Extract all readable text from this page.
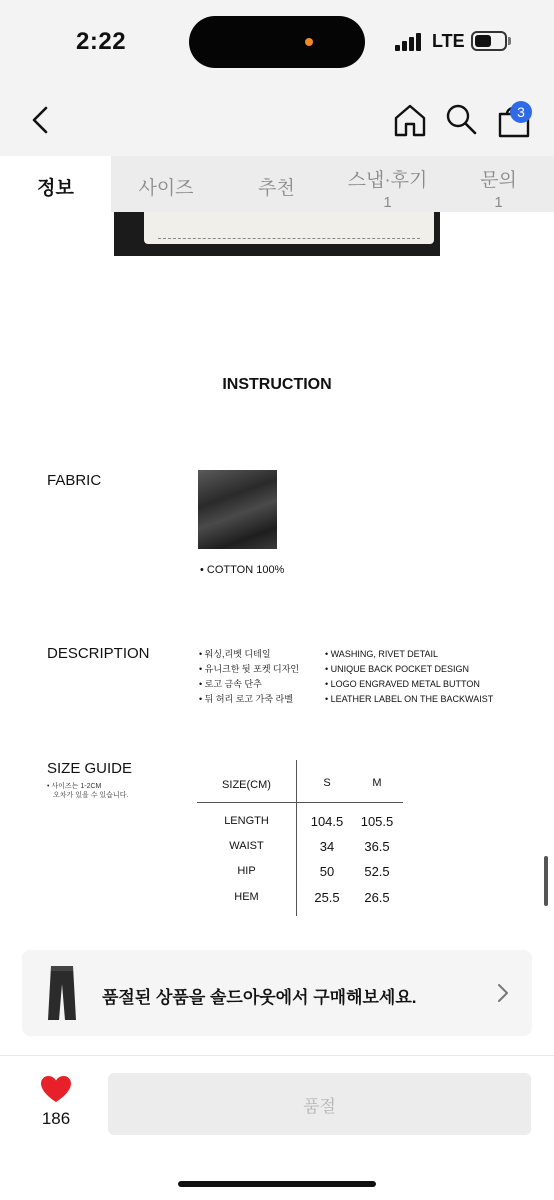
2:22	LTE
3
정보	사이즈	추천	스냅·후기
1
문의
1
INSTRUCTION
FABRIC
• COTTON 100%
DESCRIPTION	• 워싱,리벳 디테일
• 유니크한 뒷 포켓 디자인
• 로고 금속 단추
• 뒤 허리 로고 가죽 라벨
• WASHING, RIVET DETAIL
• UNIQUE BACK POCKET DESIGN
• LOGO ENGRAVED METAL BUTTON
• LEATHER LABEL ON THE BACKWAIST
SIZE GUIDE
• 사이즈는 1-2CM
오차가 있을 수 있습니다.
SIZE(CM)	S	M
LENGTH	104.5	105.5
WAIST	34	36.5
HIP	50	52.5
HEM	25.5	26.5
품절된 상품을 솔드아웃에서 구매해보세요.
186
품절
